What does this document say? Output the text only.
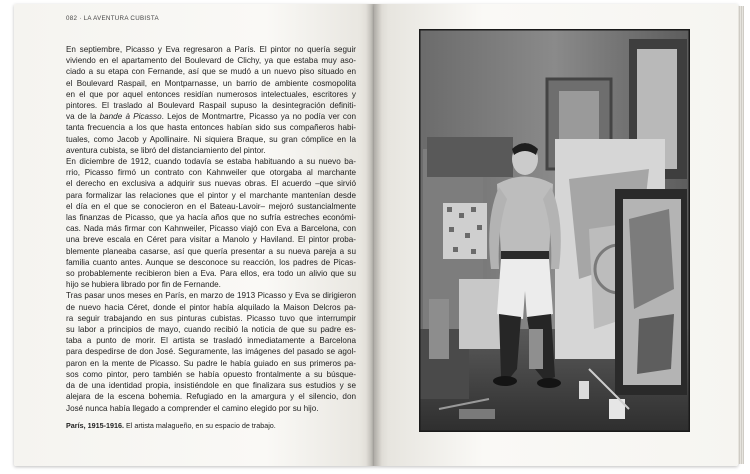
082 · LA AVENTURA CUBISTA
En septiembre, Picasso y Eva regresaron a París. El pintor no quería seguir
viviendo en el apartamento del Boulevard de Clichy, ya que estaba muy aso-
ciado a su etapa con Fernande, así que se mudó a un nuevo piso situado en
el Boulevard Raspail, en Montparnasse, un barrio de ambiente cosmopolita
en el que por aquel entonces residían numerosos intelectuales, escritores y
pintores. El traslado al Boulevard Raspail supuso la desintegración definiti-
va de la bande à Picasso. Lejos de Montmartre, Picasso ya no podía ver con
tanta frecuencia a los que hasta entonces habían sido sus compañeros habi-
tuales, como Jacob y Apollinaire. Ni siquiera Braque, su gran cómplice en la
aventura cubista, se libró del distanciamiento del pintor.
En diciembre de 1912, cuando todavía se estaba habituando a su nuevo ba-
rrio, Picasso firmó un contrato con Kahnweiler que otorgaba al marchante
el derecho en exclusiva a adquirir sus nuevas obras. El acuerdo –que sirvió
para formalizar las relaciones que el pintor y el marchante mantenían desde
el día en el que se conocieron en el Bateau-Lavoir– mejoró sustancialmente
las finanzas de Picasso, que ya hacía años que no sufría estreches económi-
cas. Nada más firmar con Kahnweiler, Picasso viajó con Eva a Barcelona, con
una breve escala en Céret para visitar a Manolo y Haviland. El pintor proba-
blemente planeaba casarse, así que quería presentar a su nueva pareja a su
familia cuanto antes. Aunque se desconoce su reacción, los padres de Picas-
so probablemente recibieron bien a Eva. Para ellos, era todo un alivio que su
hijo se hubiera librado por fin de Fernande.
Tras pasar unos meses en París, en marzo de 1913 Picasso y Eva se dirigieron
de nuevo hacia Céret, donde el pintor había alquilado la Maison Delcros pa-
ra seguir trabajando en sus pinturas cubistas. Picasso tuvo que interrumpir
su labor a principios de mayo, cuando recibió la noticia de que su padre es-
taba a punto de morir. El artista se trasladó inmediatamente a Barcelona
para despedirse de don José. Seguramente, las imágenes del pasado se agol-
paron en la mente de Picasso. Su padre le había guiado en sus primeros pa-
sos como pintor, pero también se había opuesto frontalmente a su búsque-
da de una identidad propia, insistiéndole en que finalizara sus estudios y se
alejara de la escena bohemia. Refugiado en la amargura y el silencio, don
José nunca había llegado a comprender el camino elegido por su hijo.
París, 1915-1916. El artista malagueño, en su espacio de trabajo.
